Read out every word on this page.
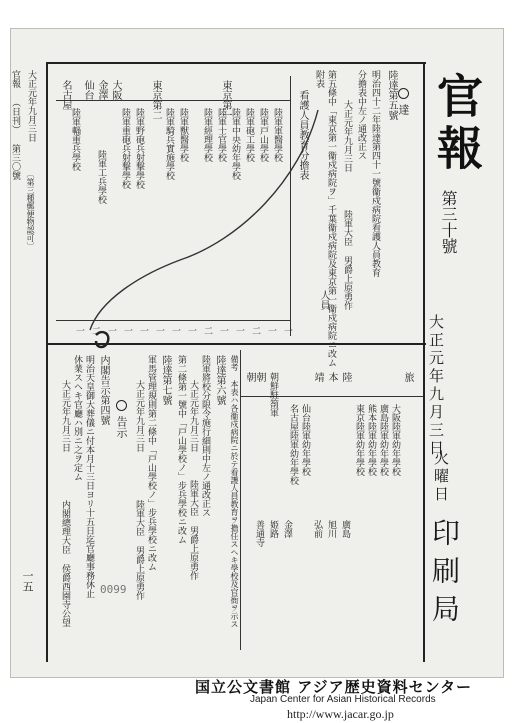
官報
第三十號
大正元年九月三日
火曜日
印刷局
官報 （日刊） 第三〇號 大正元年九月三日
〔第三種郵便物認可〕
一五
達
陸達第五號
明治四十二年陸達第四十一號衞戍病院看護人員教育
分擔表中左ノ通改正ス
大正元年九月三日
陸軍大臣 男爵上原勇作
第五條中「東京第一衞戍病院ヲ」千葉衞戍病院及東京第一衞戍病院ニ改ム
附表
看護人員教育分擔表
東京第一
東京第二
大阪
金澤
仙台
名古屋
陸軍軍醫學校
陸軍戸山學校
陸軍砲工學校
陸軍中央幼年學校
陸軍士官學校
陸軍經理學校
陸軍獸醫學校
陸軍騎兵實施學校
陸軍野砲兵射撃學校
陸軍重砲兵射撃學校
陸軍工兵學校
陸軍輜重兵學校
人員
一
一
二
一
一
二
一
一
一
一
一
一
二
一
旅
陸
本
靖
朝鮮駐箚軍
朝
朝
大阪陸軍幼年學校
廣島陸軍幼年學校
熊本陸軍幼年學校
東京陸軍幼年學校
仙台陸軍幼年學校
名古屋陸軍幼年學校
廣島
旭川
弘前
金澤
姫路
善通寺
備考 本表ハ各衞戍病院ニ於テ看護人員教育ヲ擔任スヘキ學校及官衙ヲ示ス
陸達第六號
陸軍將校分限令施行細則中左ノ通改正ス
大正元年九月三日
陸軍大臣 男爵上原勇作
第二條第一號中「戸山學校ノ」步兵學校ニ改ム
陸達第七號
軍馬管理規則第二條中「戸山學校ノ」步兵學校ニ改ム
大正元年九月三日
陸軍大臣 男爵上原勇作
告示
内閣告示第四號
明治天皇御大葬儀ニ付本月十三日ヨリ十五日迄官廳事務休止
休業スヘキ官廳ハ別ニ之ヲ定ム
大正元年九月三日
内閣總理大臣 侯爵西園寺公望	0099
国立公文書館 アジア歴史資料センター
Japan Center for Asian Historical Records
http://www.jacar.go.jp
